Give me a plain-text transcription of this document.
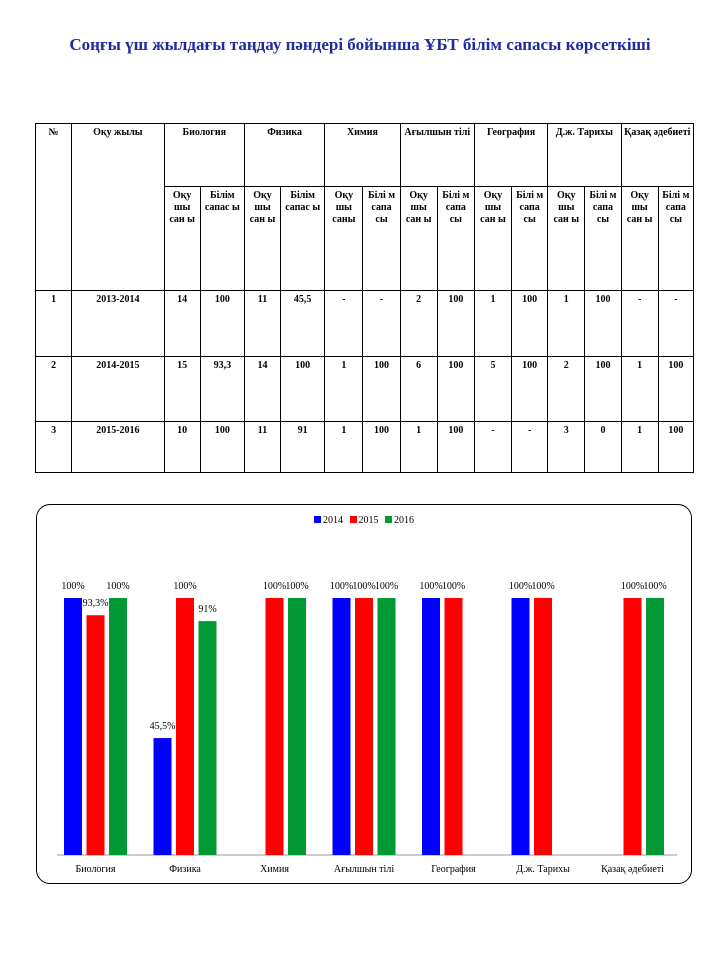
Соңғы үш жылдағы таңдау пәндері бойынша ҰБТ білім сапасы көрсеткіші
№	Оқу жылы	Биология		Физика		Химия		Ағылшын тілі		География		Д.ж. Тарихы		Қазақ әдебиеті	
		Оқу шы сан ы	Білім сапас ы	Оқу шы сан ы	Білім сапас ы	Оқу шы саны	Білі м сапа сы	Оқу шы сан ы	Білі м сапа сы	Оқу шы сан ы	Білі м сапа сы	Оқу шы сан ы	Білі м сапа сы	Оқу шы сан ы	Білі м сапа сы
1	2013-2014	14	100	11	45,5	-	-	2	100	1	100	1	100	-	-
2	2014-2015	15	93,3	14	100	1	100	6	100	5	100	2	100	1	100
3	2015-2016	10	100	11	91	1	100	1	100	-	-	3	0	1	100
2014 2015 2016
100%
93,3%
100%
Биология
45,5%
100%
91%
Физика
100% 100%
Химия
100% 100% 100%
Ағылшын тілі
100% 100%
География
100% 100%
Д.ж. Тарихы
100% 100%
Қазақ әдебиеті
